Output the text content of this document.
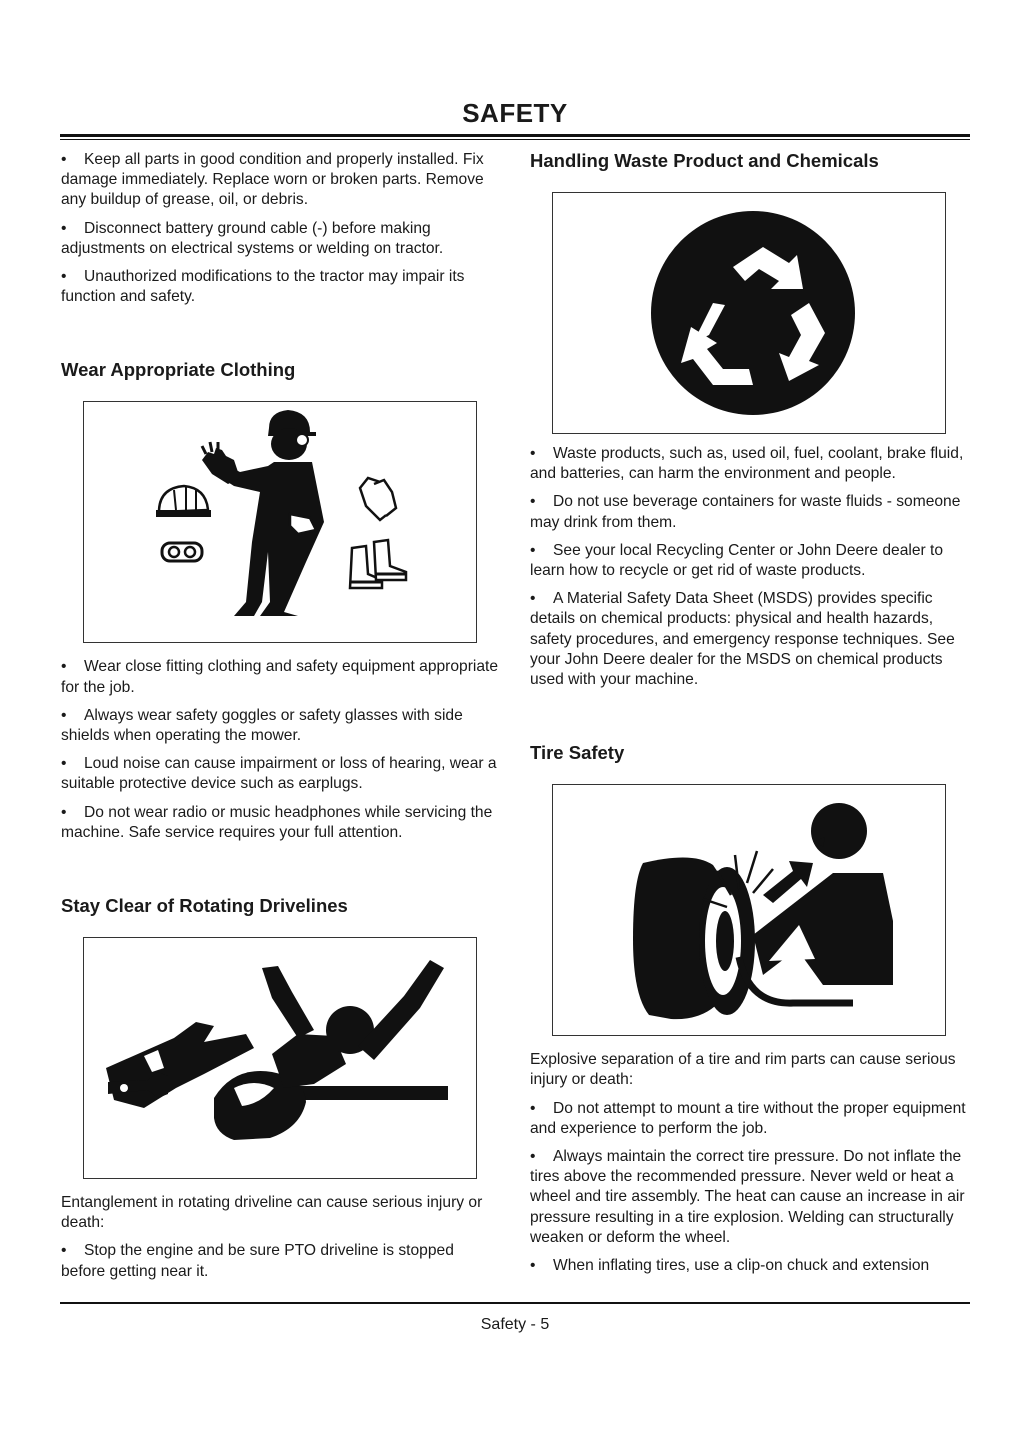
SAFETY

• Keep all parts in good condition and properly installed. Fix damage immediately. Replace worn or broken parts. Remove any buildup of grease, oil, or debris.

• Disconnect battery ground cable (-) before making adjustments on electrical systems or welding on tractor.

• Unauthorized modifications to the tractor may impair its function and safety.

Wear Appropriate Clothing

• Wear close fitting clothing and safety equipment appropriate for the job.

• Always wear safety goggles or safety glasses with side shields when operating the mower.

• Loud noise can cause impairment or loss of hearing, wear a suitable protective device such as earplugs.

• Do not wear radio or music headphones while servicing the machine. Safe service requires your full attention.

Stay Clear of Rotating Drivelines

Entanglement in rotating driveline can cause serious injury or death:

• Stop the engine and be sure PTO driveline is stopped before getting near it.

Handling Waste Product and Chemicals

• Waste products, such as, used oil, fuel, coolant, brake fluid, and batteries, can harm the environment and people.

• Do not use beverage containers for waste fluids - someone may drink from them.

• See your local Recycling Center or John Deere dealer to learn how to recycle or get rid of waste products.

• A Material Safety Data Sheet (MSDS) provides specific details on chemical products: physical and health hazards, safety procedures, and emergency response techniques. See your John Deere dealer for the MSDS on chemical products used with your machine.

Tire Safety

Explosive separation of a tire and rim parts can cause serious injury or death:

• Do not attempt to mount a tire without the proper equipment and experience to perform the job.

• Always maintain the correct tire pressure. Do not inflate the tires above the recommended pressure. Never weld or heat a wheel and tire assembly. The heat can cause an increase in air pressure resulting in a tire explosion. Welding can structurally weaken or deform the wheel.

• When inflating tires, use a clip-on chuck and extension

Safety - 5
